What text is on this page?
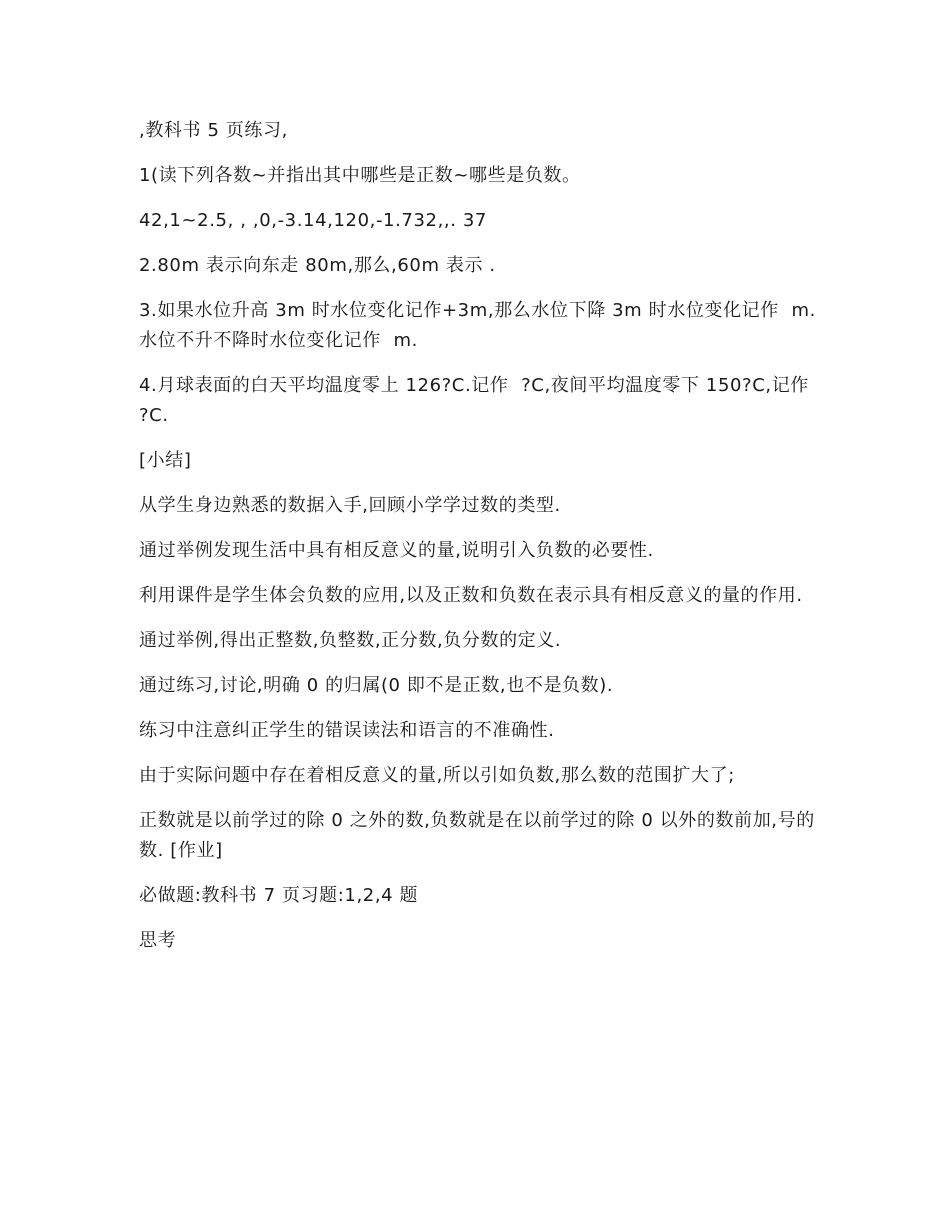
,教科书 5 页练习,

1(读下列各数~并指出其中哪些是正数~哪些是负数。

42,1~2.5, , ,0,-3.14,120,-1.732,,. 37

2.80m 表示向东走 80m,那么,60m 表示 .

3.如果水位升高 3m 时水位变化记作+3m,那么水位下降 3m 时水位变化记作  m.水位不升不降时水位变化记作  m.

4.月球表面的白天平均温度零上 126?C.记作  ?C,夜间平均温度零下 150?C,记作  ?C.

[小结]

从学生身边熟悉的数据入手,回顾小学学过数的类型.

通过举例发现生活中具有相反意义的量,说明引入负数的必要性.

利用课件是学生体会负数的应用,以及正数和负数在表示具有相反意义的量的作用.

通过举例,得出正整数,负整数,正分数,负分数的定义.

通过练习,讨论,明确 0 的归属(0 即不是正数,也不是负数).

练习中注意纠正学生的错误读法和语言的不准确性.

由于实际问题中存在着相反意义的量,所以引如负数,那么数的范围扩大了;

正数就是以前学过的除 0 之外的数,负数就是在以前学过的除 0 以外的数前加,号的数. [作业]

必做题:教科书 7 页习题:1,2,4 题

思考
